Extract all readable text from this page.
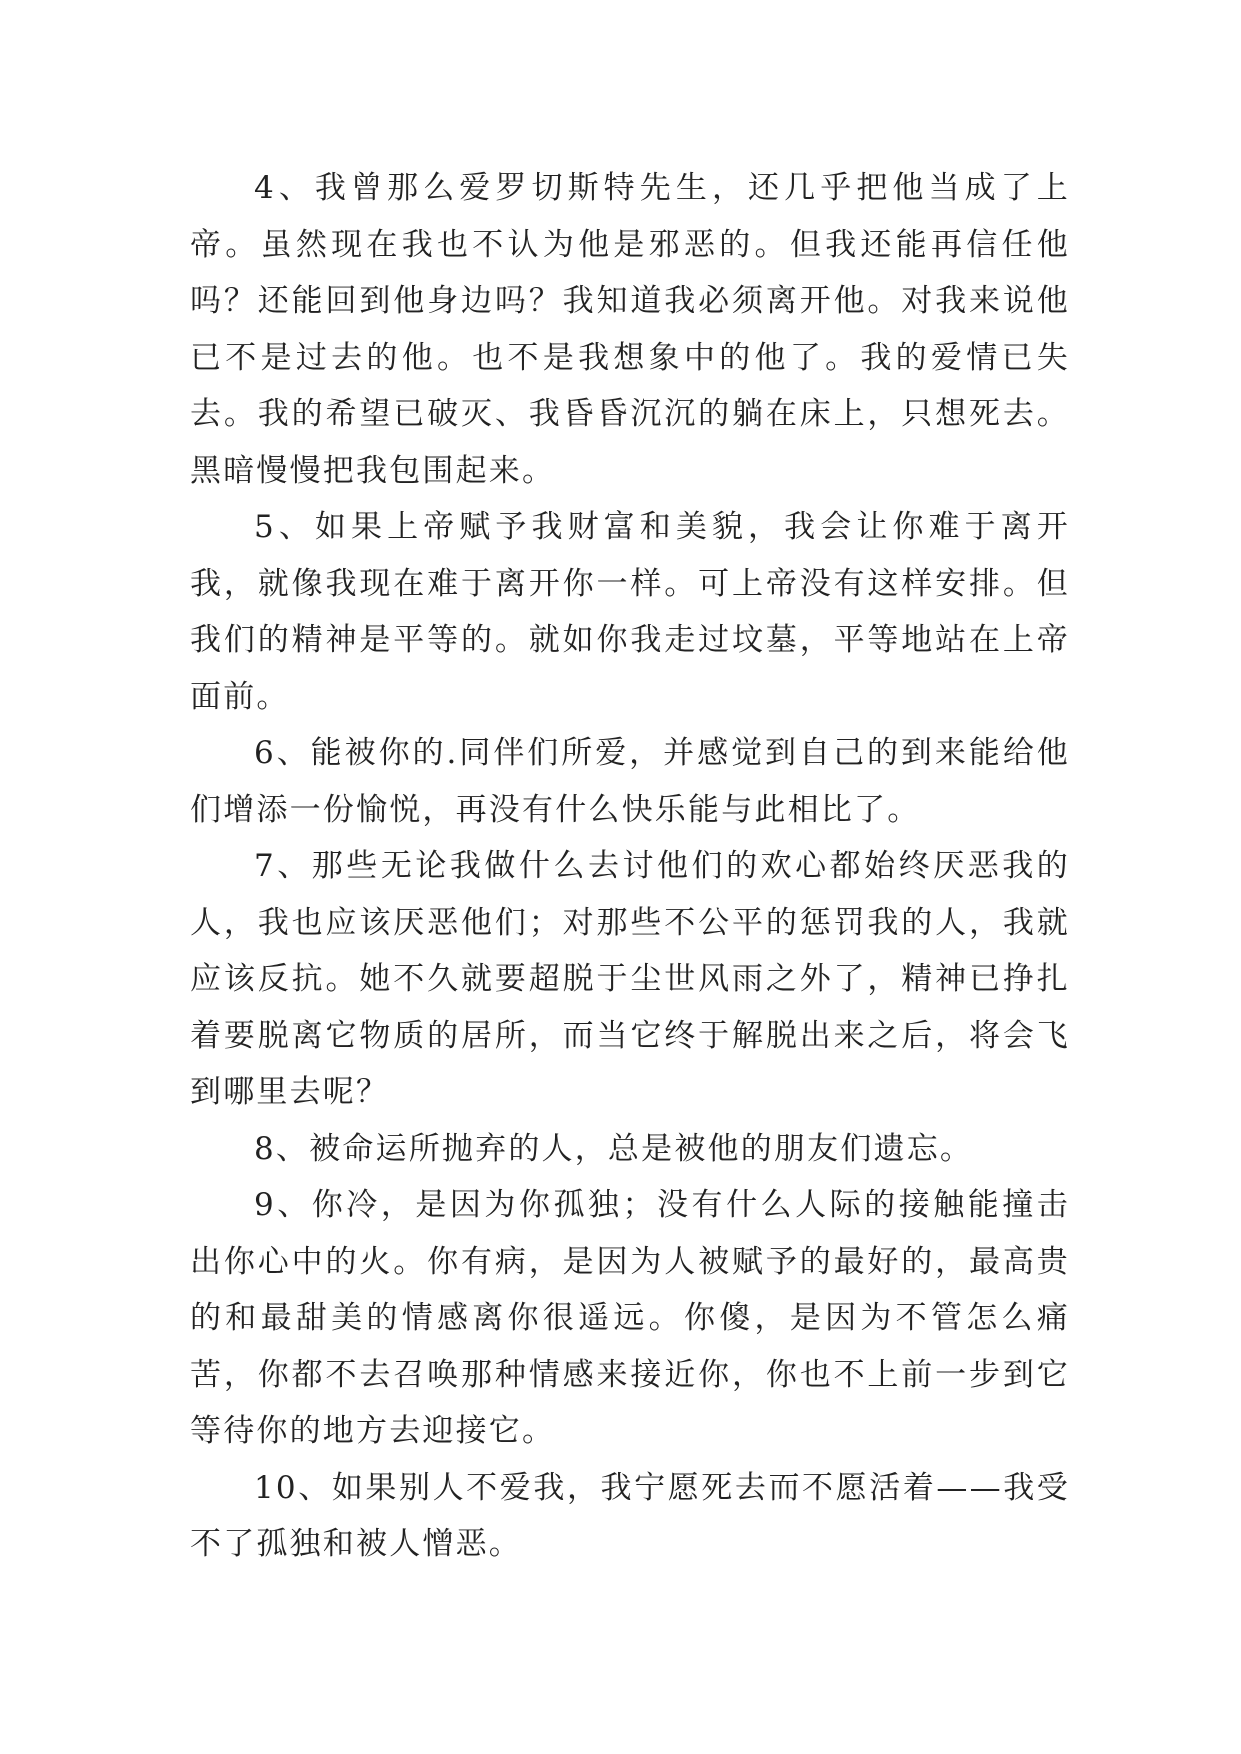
4、我曾那么爱罗切斯特先生，还几乎把他当成了上帝。虽然现在我也不认为他是邪恶的。但我还能再信任他吗？还能回到他身边吗？我知道我必须离开他。对我来说他已不是过去的他。也不是我想象中的他了。我的爱情已失去。我的希望已破灭、我昏昏沉沉的躺在床上，只想死去。黑暗慢慢把我包围起来。

5、如果上帝赋予我财富和美貌，我会让你难于离开我，就像我现在难于离开你一样。可上帝没有这样安排。但我们的精神是平等的。就如你我走过坟墓，平等地站在上帝面前。

6、能被你的.同伴们所爱，并感觉到自己的到来能给他们增添一份愉悦，再没有什么快乐能与此相比了。

7、那些无论我做什么去讨他们的欢心都始终厌恶我的人，我也应该厌恶他们；对那些不公平的惩罚我的人，我就应该反抗。她不久就要超脱于尘世风雨之外了，精神已挣扎着要脱离它物质的居所，而当它终于解脱出来之后，将会飞到哪里去呢？

8、被命运所抛弃的人，总是被他的朋友们遗忘。

9、你冷，是因为你孤独；没有什么人际的接触能撞击出你心中的火。你有病，是因为人被赋予的最好的，最高贵的和最甜美的情感离你很遥远。你傻，是因为不管怎么痛苦，你都不去召唤那种情感来接近你，你也不上前一步到它等待你的地方去迎接它。

10、如果别人不爱我，我宁愿死去而不愿活着——我受不了孤独和被人憎恶。
